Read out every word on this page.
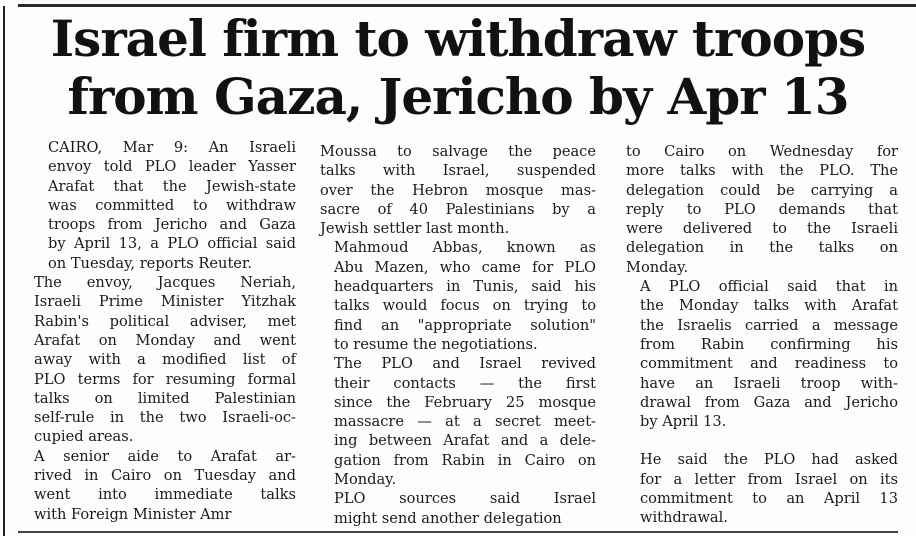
Israel firm to withdraw troops
from Gaza, Jericho by Apr 13

CAIRO, Mar 9: An Israeli
envoy told PLO leader Yasser
Arafat that the Jewish-state
was committed to withdraw
troops from Jericho and Gaza
by April 13, a PLO official said
on Tuesday, reports Reuter.

The envoy, Jacques Neriah,
Israeli Prime Minister Yitzhak
Rabin's political adviser, met
Arafat on Monday and went
away with a modified list of
PLO terms for resuming formal
talks on limited Palestinian
self-rule in the two Israeli-oc-
cupied areas.

A senior aide to Arafat ar-
rived in Cairo on Tuesday and
went into immediate talks
with Foreign Minister Amr

Moussa to salvage the peace
talks with Israel, suspended
over the Hebron mosque mas-
sacre of 40 Palestinians by a
Jewish settler last month.

Mahmoud Abbas, known as
Abu Mazen, who came for PLO
headquarters in Tunis, said his
talks would focus on trying to
find an "appropriate solution"
to resume the negotiations.

The PLO and Israel revived
their contacts — the first
since the February 25 mosque
massacre — at a secret meet-
ing between Arafat and a dele-
gation from Rabin in Cairo on
Monday.

PLO sources said Israel
might send another delegation

to Cairo on Wednesday for
more talks with the PLO. The
delegation could be carrying a
reply to PLO demands that
were delivered to the Israeli
delegation in the talks on
Monday.

A PLO official said that in
the Monday talks with Arafat
the Israelis carried a message
from Rabin confirming his
commitment and readiness to
have an Israeli troop with-
drawal from Gaza and Jericho
by April 13.

He said the PLO had asked
for a letter from Israel on its
commitment to an April 13
withdrawal.
